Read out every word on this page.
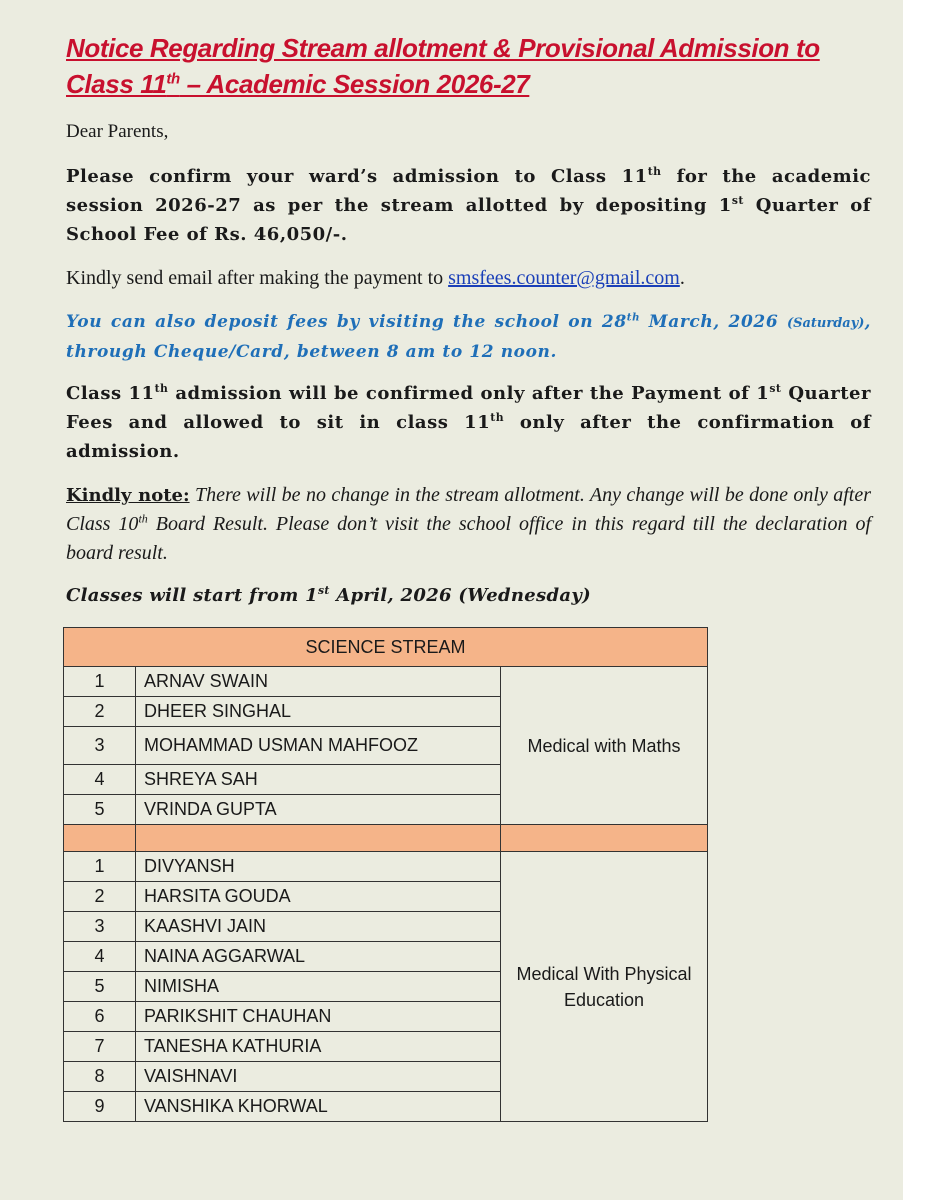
Notice Regarding Stream allotment & Provisional Admission to Class 11th – Academic Session 2026-27
Dear Parents,
Please confirm your ward’s admission to Class 11th for the academic session 2026-27 as per the stream allotted by depositing 1st Quarter of School Fee of Rs. 46,050/-.
Kindly send email after making the payment to smsfees.counter@gmail.com.
You can also deposit fees by visiting the school on 28th March, 2026 (Saturday), through Cheque/Card, between 8 am to 12 noon.
Class 11th admission will be confirmed only after the Payment of 1st Quarter Fees and allowed to sit in class 11th only after the confirmation of admission.
Kindly note: There will be no change in the stream allotment. Any change will be done only after Class 10th Board Result. Please don’t visit the school office in this regard till the declaration of board result.
Classes will start from 1st April, 2026 (Wednesday)
SCIENCE STREAM		
1	ARNAV SWAIN	Medical with Maths
2	DHEER SINGHAL	
3	MOHAMMAD USMAN MAHFOOZ	
4	SHREYA SAH	
5	VRINDA GUPTA	

1	DIVYANSH	Medical With Physical
Education

2	HARSITA GOUDA	
3	KAASHVI JAIN	
4	NAINA AGGARWAL	
5	NIMISHA	
6	PARIKSHIT CHAUHAN	
7	TANESHA KATHURIA	
8	VAISHNAVI	
9	VANSHIKA KHORWAL	
